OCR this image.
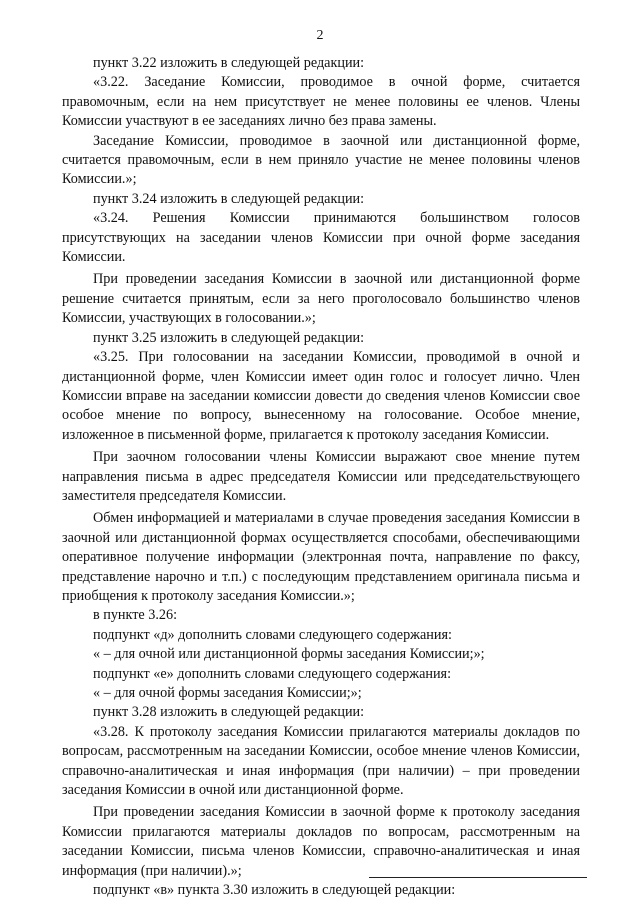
2

пункт 3.22 изложить в следующей редакции:

«3.22. Заседание Комиссии, проводимое в очной форме, считается правомочным, если на нем присутствует не менее половины ее членов. Члены Комиссии участвуют в ее заседаниях лично без права замены.

Заседание Комиссии, проводимое в заочной или дистанционной форме, считается правомочным, если в нем приняло участие не менее половины членов Комиссии.»;

пункт 3.24 изложить в следующей редакции:

«3.24. Решения Комиссии принимаются большинством голосов присутствующих на заседании членов Комиссии при очной форме заседания Комиссии.

При проведении заседания Комиссии в заочной или дистанционной форме решение считается принятым, если за него проголосовало большинство членов Комиссии, участвующих в голосовании.»;

пункт 3.25 изложить в следующей редакции:

«3.25. При голосовании на заседании Комиссии, проводимой в очной и дистанционной форме, член Комиссии имеет один голос и голосует лично. Член Комиссии вправе на заседании комиссии довести до сведения членов Комиссии свое особое мнение по вопросу, вынесенному на голосование. Особое мнение, изложенное в письменной форме, прилагается к протоколу заседания Комиссии.

При заочном голосовании члены Комиссии выражают свое мнение путем направления письма в адрес председателя Комиссии или председательствующего заместителя председателя Комиссии.

Обмен информацией и материалами в случае проведения заседания Комиссии в заочной или дистанционной формах осуществляется способами, обеспечивающими оперативное получение информации (электронная почта, направление по факсу, представление нарочно и т.п.) с последующим представлением оригинала письма и приобщения к протоколу заседания Комиссии.»;

в пункте 3.26:

подпункт «д» дополнить словами следующего содержания:

« – для очной или дистанционной формы заседания Комиссии;»;

подпункт «е» дополнить словами следующего содержания:

« – для очной формы заседания Комиссии;»;

пункт 3.28 изложить в следующей редакции:

«3.28. К протоколу заседания Комиссии прилагаются материалы докладов по вопросам, рассмотренным на заседании Комиссии, особое мнение членов Комиссии, справочно-аналитическая и иная информация (при наличии) – при проведении заседания Комиссии в очной или дистанционной форме.

При проведении заседания Комиссии в заочной форме к протоколу заседания Комиссии прилагаются материалы докладов по вопросам, рассмотренным на заседании Комиссии, письма членов Комиссии, справочно-аналитическая и иная информация (при наличии).»;

подпункт «в» пункта 3.30 изложить в следующей редакции:
